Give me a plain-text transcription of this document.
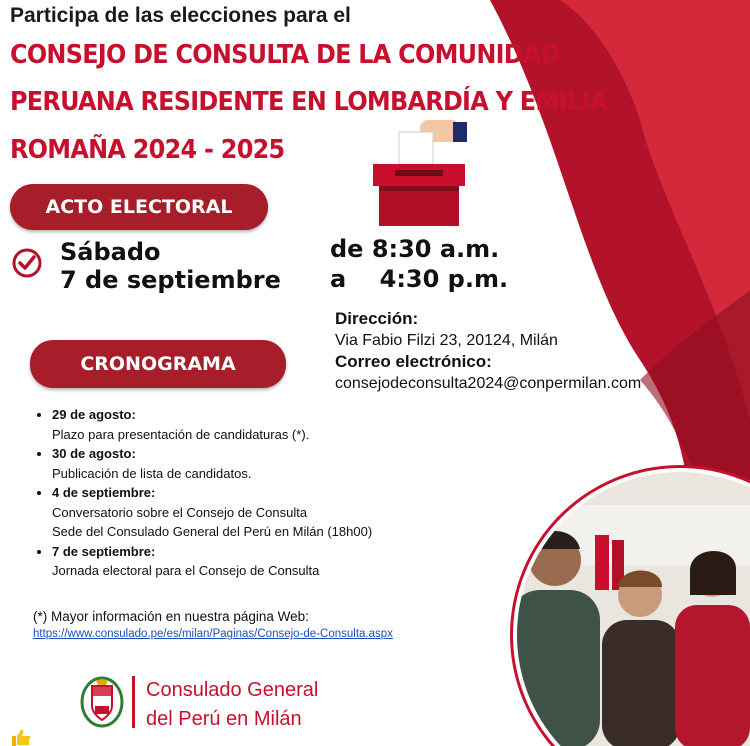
Participa de las elecciones para el
CONSEJO DE CONSULTA DE LA COMUNIDAD
PERUANA RESIDENTE EN LOMBARDÍA Y EMILIA
ROMAÑA 2024 - 2025
ACTO ELECTORAL
Sábado
7 de septiembre
de 8:30 a.m.
a    4:30 p.m.
Dirección:
Via Fabio Filzi 23, 20124, Milán
Correo electrónico:
consejodeconsulta2024@conpermilan.com
CRONOGRAMA
• 29 de agosto:
Plazo para presentación de candidaturas (*).
• 30 de agosto:
Publicación de lista de candidatos.
• 4 de septiembre:
Conversatorio sobre el Consejo de Consulta
Sede del Consulado General del Perú en Milán (18h00)
• 7 de septiembre:
Jornada electoral para el Consejo de Consulta
(*) Mayor información en nuestra página Web:
https://www.consulado.pe/es/milan/Paginas/Consejo-de-Consulta.aspx
Consulado General
del Perú en Milán
